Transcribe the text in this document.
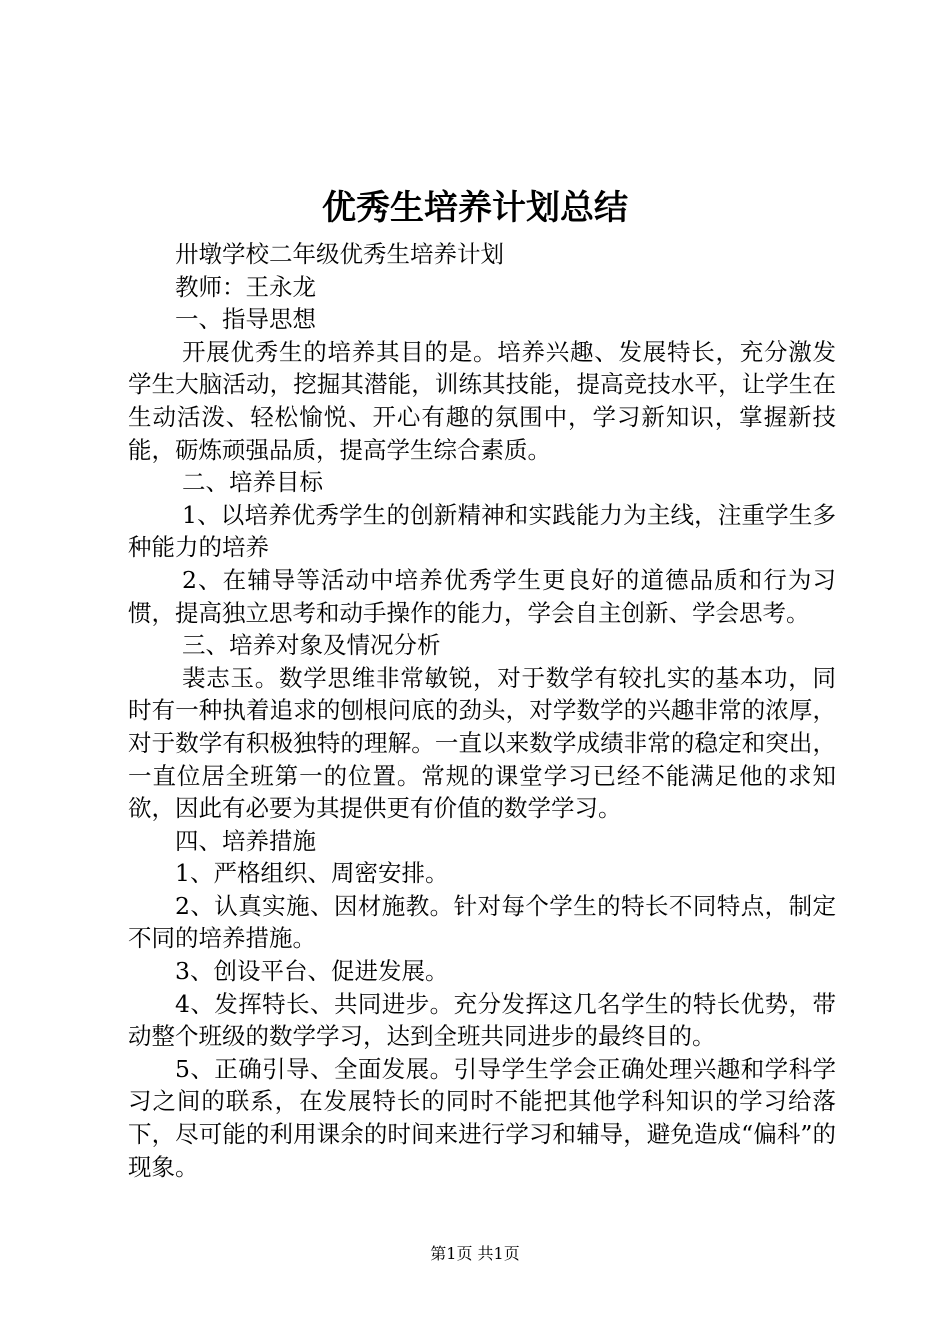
优秀生培养计划总结

卅墩学校二年级优秀生培养计划

教师：王永龙

一、指导思想

开展优秀生的培养其目的是。培养兴趣、发展特长，充分激发学生大脑活动，挖掘其潜能，训练其技能，提高竞技水平，让学生在生动活泼、轻松愉悦、开心有趣的氛围中，学习新知识，掌握新技能，砺炼顽强品质，提高学生综合素质。

二、培养目标

1、以培养优秀学生的创新精神和实践能力为主线，注重学生多种能力的培养

2、在辅导等活动中培养优秀学生更良好的道德品质和行为习惯，提高独立思考和动手操作的能力，学会自主创新、学会思考。

三、培养对象及情况分析

裴志玉。数学思维非常敏锐，对于数学有较扎实的基本功，同时有一种执着追求的刨根问底的劲头，对学数学的兴趣非常的浓厚，对于数学有积极独特的理解。一直以来数学成绩非常的稳定和突出，一直位居全班第一的位置。常规的课堂学习已经不能满足他的求知欲，因此有必要为其提供更有价值的数学学习。

四、培养措施

1、严格组织、周密安排。

2、认真实施、因材施教。针对每个学生的特长不同特点，制定不同的培养措施。

3、创设平台、促进发展。

4、发挥特长、共同进步。充分发挥这几名学生的特长优势，带动整个班级的数学学习，达到全班共同进步的最终目的。

5、正确引导、全面发展。引导学生学会正确处理兴趣和学科学习之间的联系，在发展特长的同时不能把其他学科知识的学习给落下，尽可能的利用课余的时间来进行学习和辅导，避免造成“偏科”的现象。

第1页 共1页
